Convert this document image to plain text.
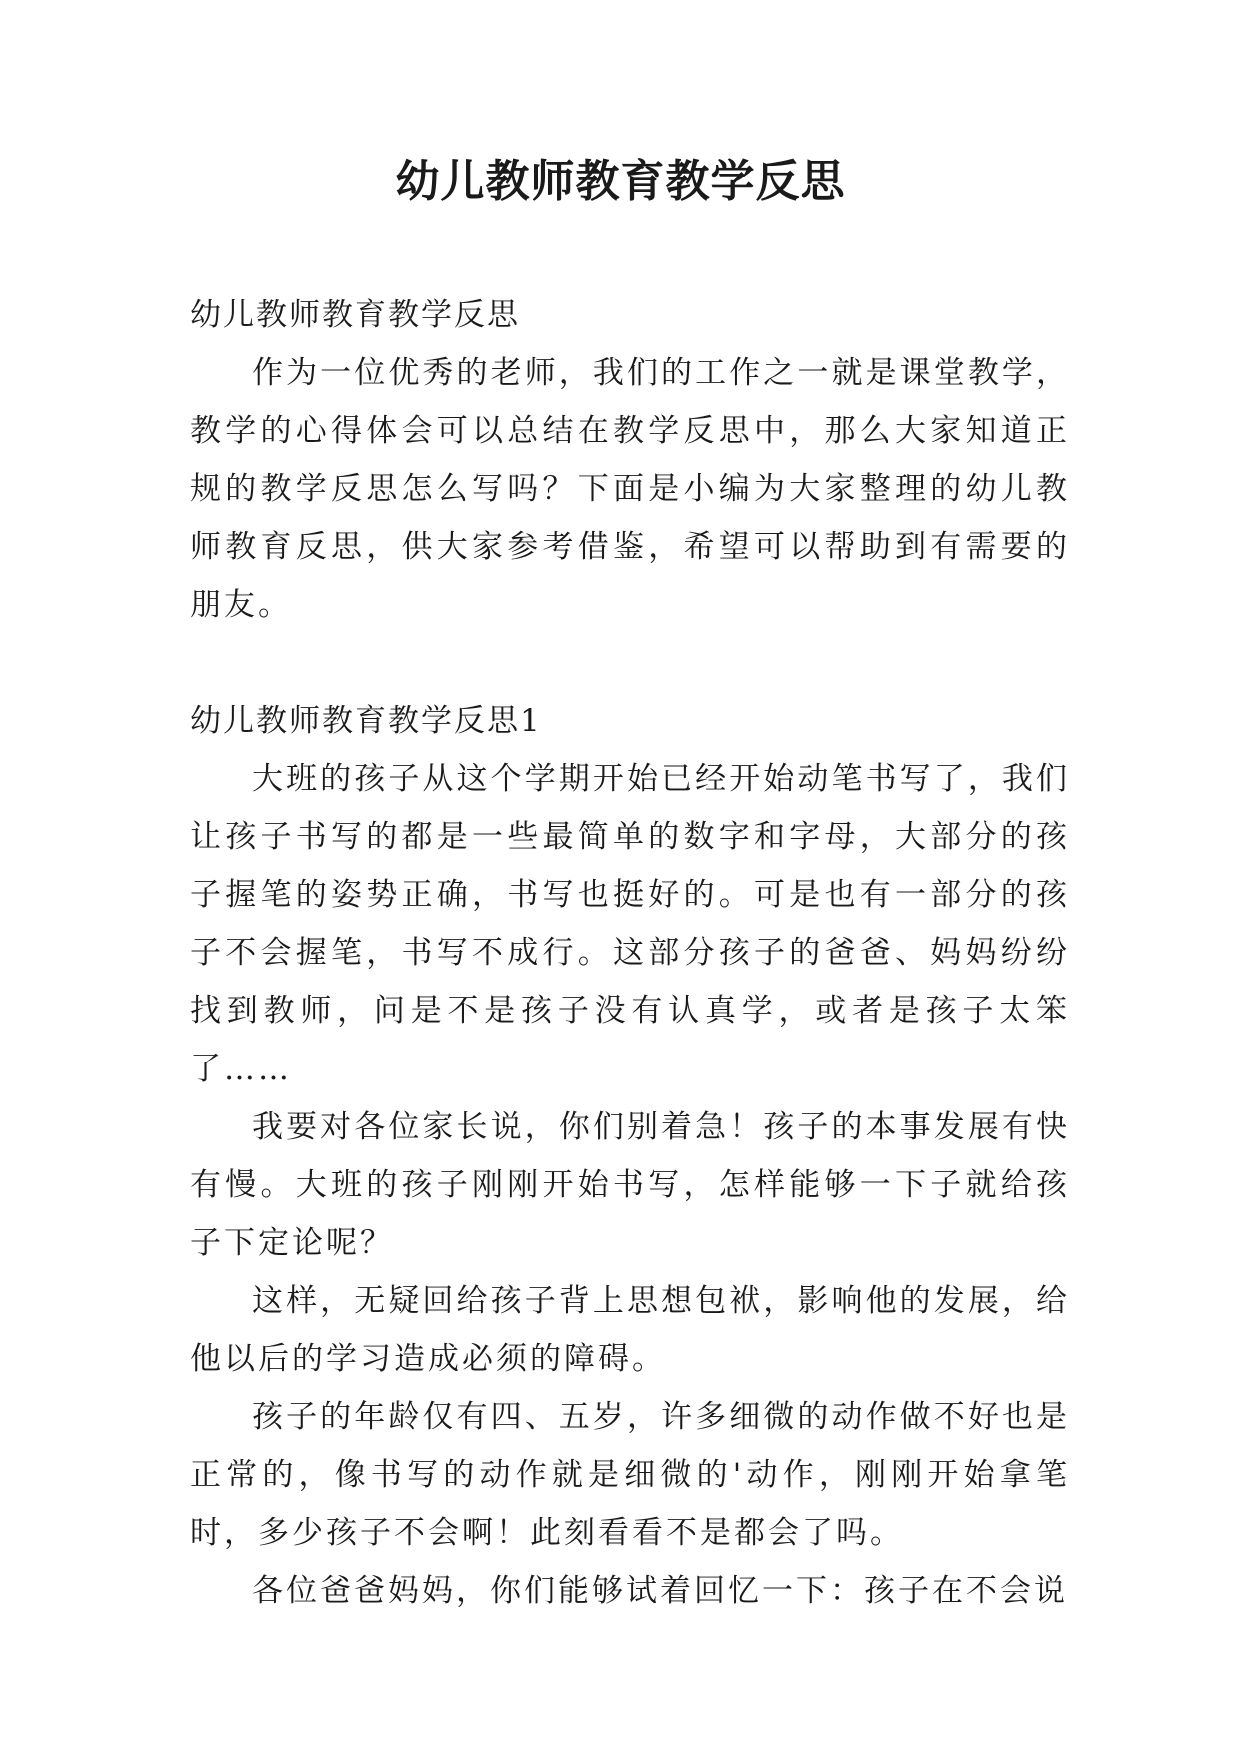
幼儿教师教育教学反思

幼儿教师教育教学反思

作为一位优秀的老师，我们的工作之一就是课堂教学，教学的心得体会可以总结在教学反思中，那么大家知道正规的教学反思怎么写吗？下面是小编为大家整理的幼儿教师教育反思，供大家参考借鉴，希望可以帮助到有需要的朋友。

幼儿教师教育教学反思1

大班的孩子从这个学期开始已经开始动笔书写了，我们让孩子书写的都是一些最简单的数字和字母，大部分的孩子握笔的姿势正确，书写也挺好的。可是也有一部分的孩子不会握笔，书写不成行。这部分孩子的爸爸、妈妈纷纷找到教师，问是不是孩子没有认真学，或者是孩子太笨了……

我要对各位家长说，你们别着急！孩子的本事发展有快有慢。大班的孩子刚刚开始书写，怎样能够一下子就给孩子下定论呢？

这样，无疑回给孩子背上思想包袱，影响他的发展，给他以后的学习造成必须的障碍。

孩子的年龄仅有四、五岁，许多细微的动作做不好也是正常的，像书写的动作就是细微的'动作，刚刚开始拿笔时，多少孩子不会啊！此刻看看不是都会了吗。

各位爸爸妈妈，你们能够试着回忆一下：孩子在不会说
